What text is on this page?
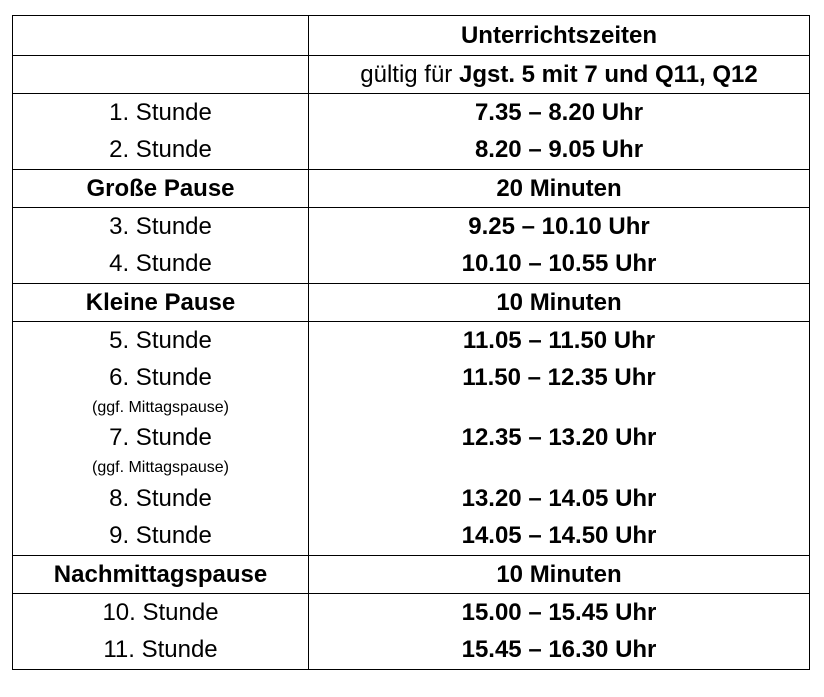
	Unterrichtszeiten
	gültig für Jgst. 5 mit 7 und Q11, Q12
1. Stunde	7.35 – 8.20 Uhr
2. Stunde	8.20 – 9.05 Uhr
Große Pause	20 Minuten
3. Stunde	9.25 – 10.10 Uhr
4. Stunde	10.10 – 10.55 Uhr
Kleine Pause	10 Minuten
5. Stunde	11.05 – 11.50 Uhr
6. Stunde	11.50 – 12.35 Uhr
(ggf. Mittagspause)	
7. Stunde	12.35 – 13.20 Uhr
(ggf. Mittagspause)	
8. Stunde	13.20 – 14.05 Uhr
9. Stunde	14.05 – 14.50 Uhr
Nachmittagspause	10 Minuten
10. Stunde	15.00 – 15.45 Uhr
11. Stunde	15.45 – 16.30 Uhr
